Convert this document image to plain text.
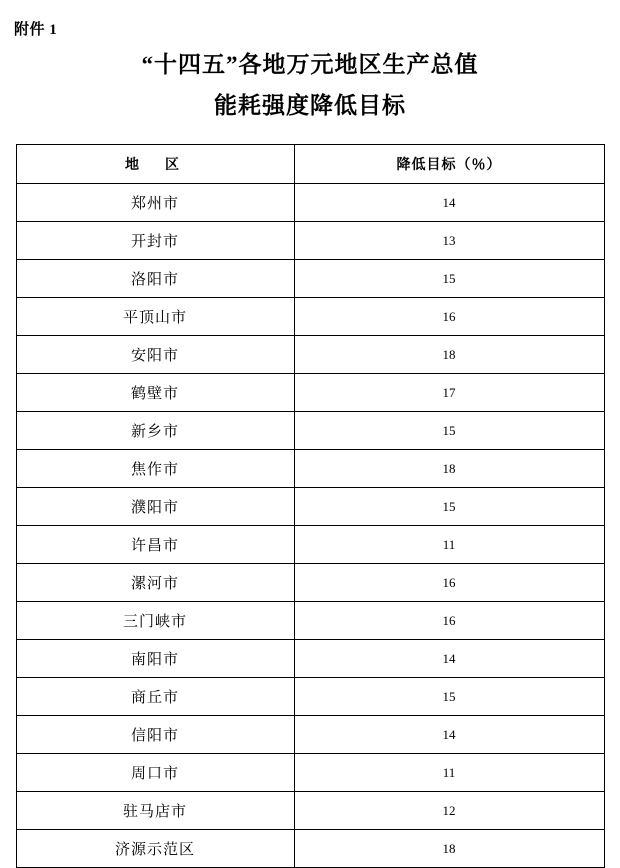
附件 1
“十四五”各地万元地区生产总值
能耗强度降低目标
地　区	降低目标（％）
郑州市	14
开封市	13
洛阳市	15
平顶山市	16
安阳市	18
鹤壁市	17
新乡市	15
焦作市	18
濮阳市	15
许昌市	11
漯河市	16
三门峡市	16
南阳市	14
商丘市	15
信阳市	14
周口市	11
驻马店市	12
济源示范区	18
